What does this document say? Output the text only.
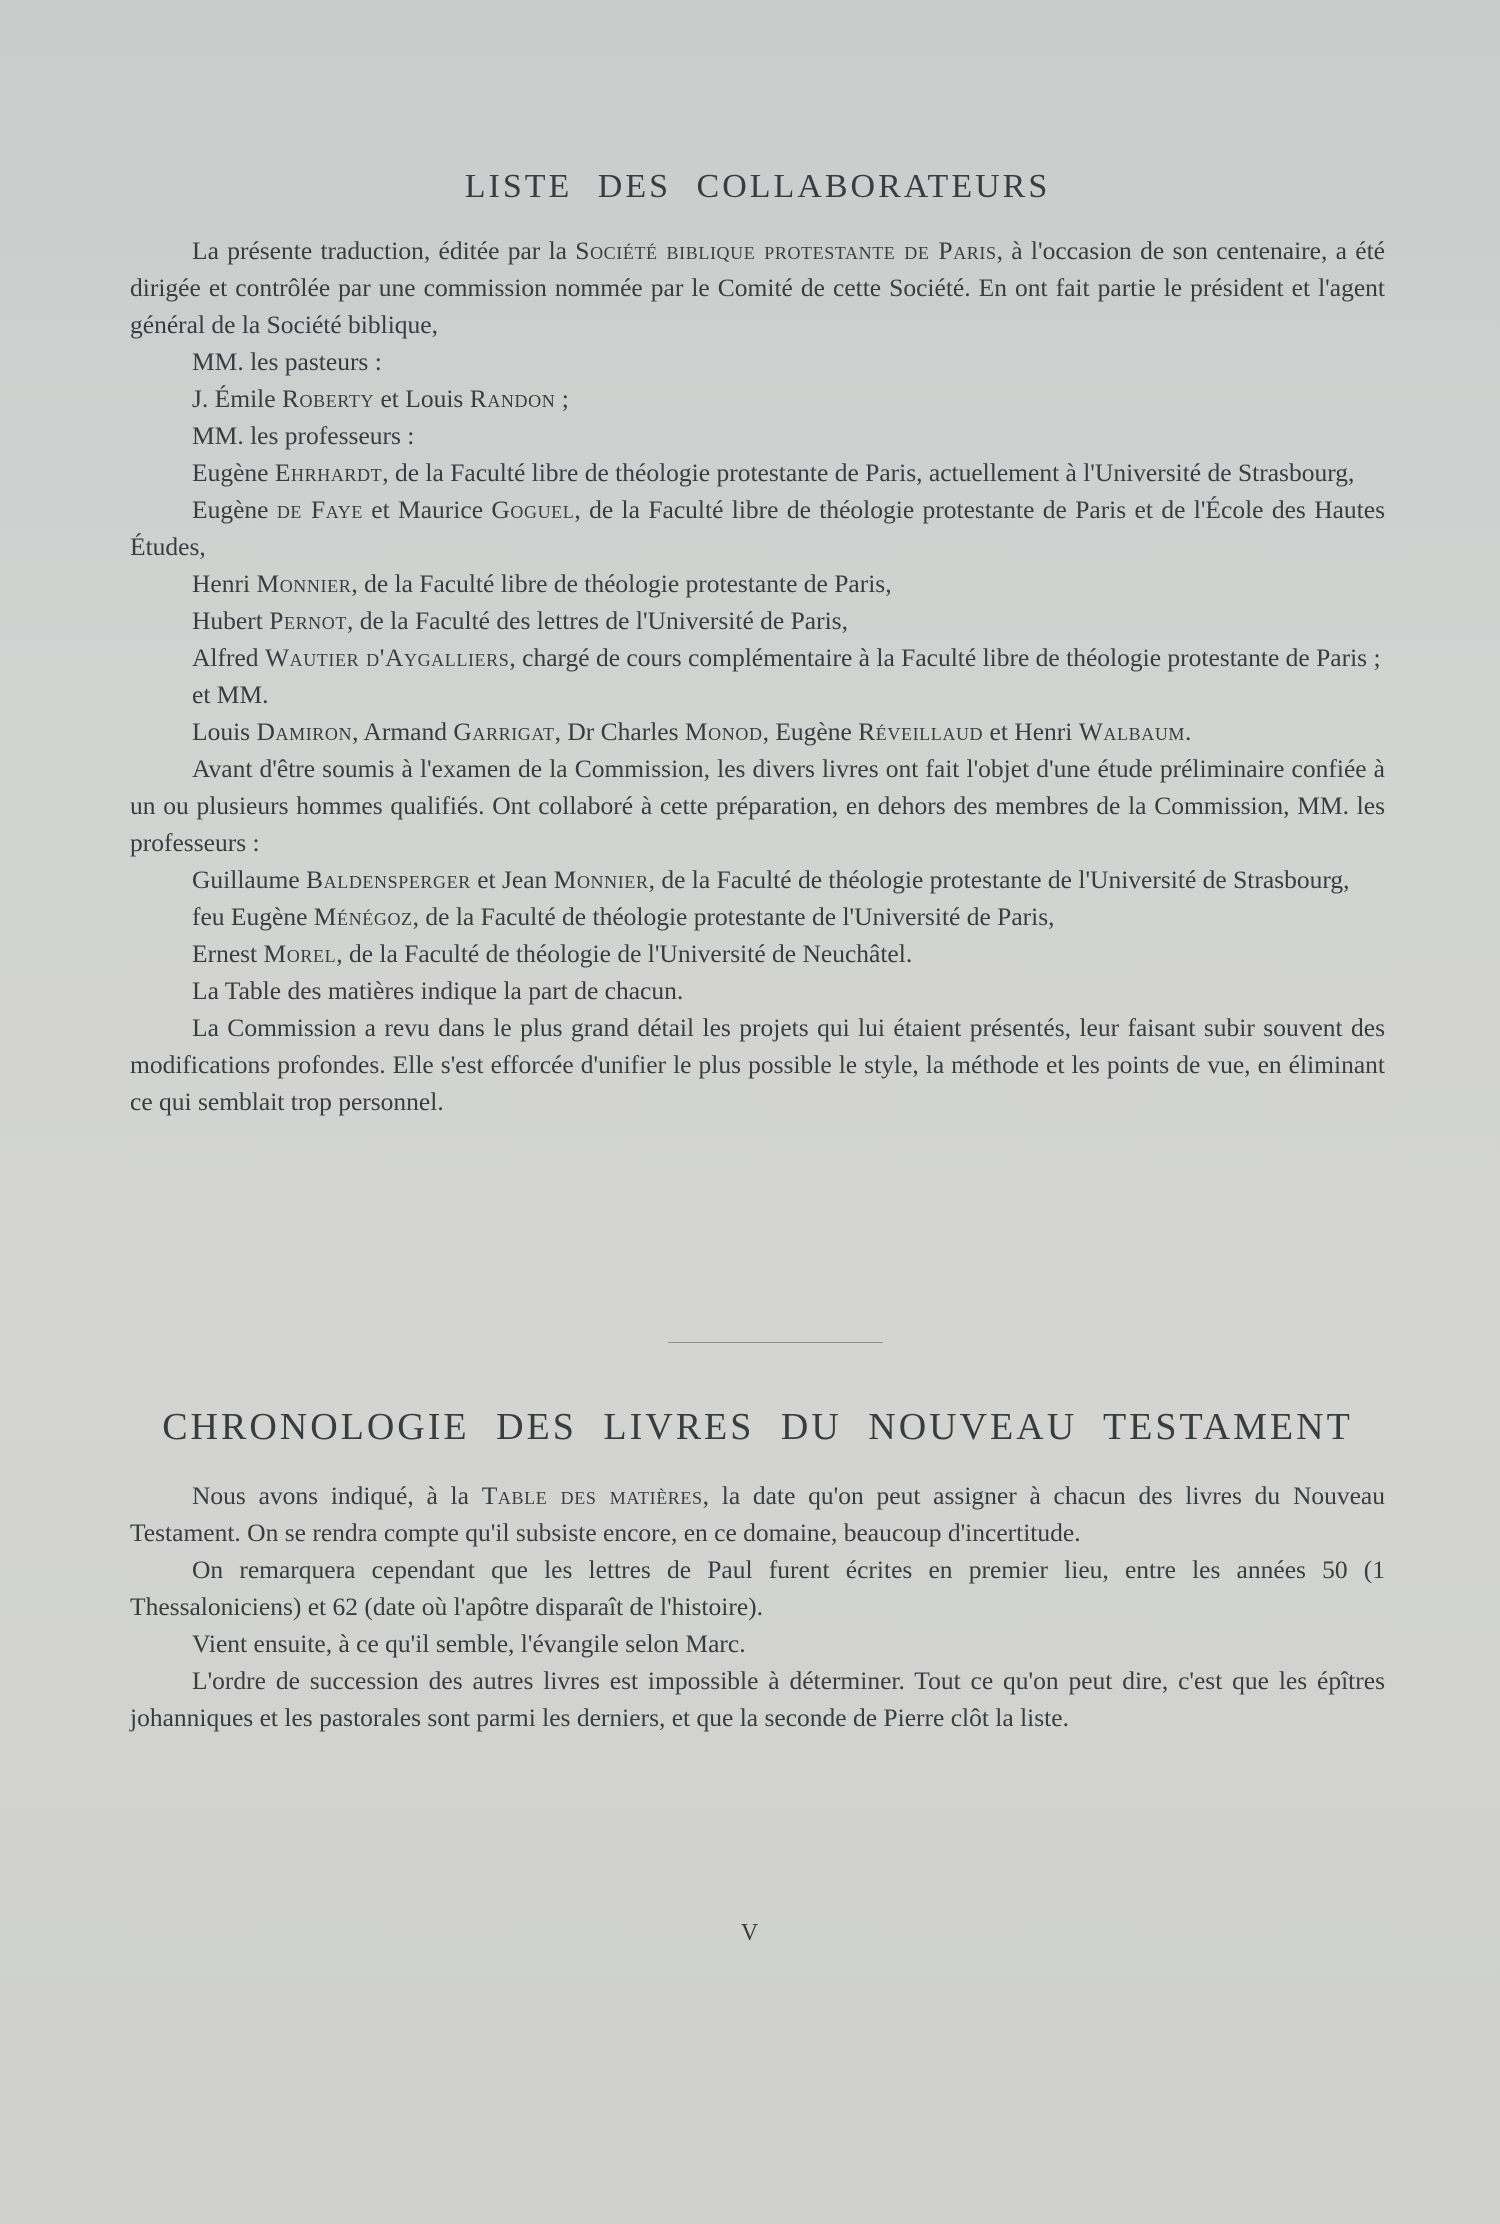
LISTE DES COLLABORATEURS

La présente traduction, éditée par la Société biblique protestante de Paris, à l'occasion de son centenaire, a été dirigée et contrôlée par une commission nommée par le Comité de cette Société. En ont fait partie le président et l'agent général de la Société biblique,

MM. les pasteurs :

J. Émile Roberty et Louis Randon ;

MM. les professeurs :

Eugène Ehrhardt, de la Faculté libre de théologie protestante de Paris, actuellement à l'Université de Strasbourg,

Eugène de Faye et Maurice Goguel, de la Faculté libre de théologie protestante de Paris et de l'École des Hautes Études,

Henri Monnier, de la Faculté libre de théologie protestante de Paris,

Hubert Pernot, de la Faculté des lettres de l'Université de Paris,

Alfred Wautier d'Aygalliers, chargé de cours complémentaire à la Faculté libre de théologie protestante de Paris ;

et MM.

Louis Damiron, Armand Garrigat, Dr Charles Monod, Eugène Réveillaud et Henri Walbaum.

Avant d'être soumis à l'examen de la Commission, les divers livres ont fait l'objet d'une étude préliminaire confiée à un ou plusieurs hommes qualifiés. Ont collaboré à cette préparation, en dehors des membres de la Commission, MM. les professeurs :

Guillaume Baldensperger et Jean Monnier, de la Faculté de théologie protestante de l'Université de Strasbourg,

feu Eugène Ménégoz, de la Faculté de théologie protestante de l'Université de Paris,

Ernest Morel, de la Faculté de théologie de l'Université de Neuchâtel.

La Table des matières indique la part de chacun.

La Commission a revu dans le plus grand détail les projets qui lui étaient présentés, leur faisant subir souvent des modifications profondes. Elle s'est efforcée d'unifier le plus possible le style, la méthode et les points de vue, en éliminant ce qui semblait trop personnel.

CHRONOLOGIE DES LIVRES DU NOUVEAU TESTAMENT

Nous avons indiqué, à la Table des matières, la date qu'on peut assigner à chacun des livres du Nouveau Testament. On se rendra compte qu'il subsiste encore, en ce domaine, beaucoup d'incertitude.

On remarquera cependant que les lettres de Paul furent écrites en premier lieu, entre les années 50 (1 Thessaloniciens) et 62 (date où l'apôtre disparaît de l'histoire).

Vient ensuite, à ce qu'il semble, l'évangile selon Marc.

L'ordre de succession des autres livres est impossible à déterminer. Tout ce qu'on peut dire, c'est que les épîtres johanniques et les pastorales sont parmi les derniers, et que la seconde de Pierre clôt la liste.

V
